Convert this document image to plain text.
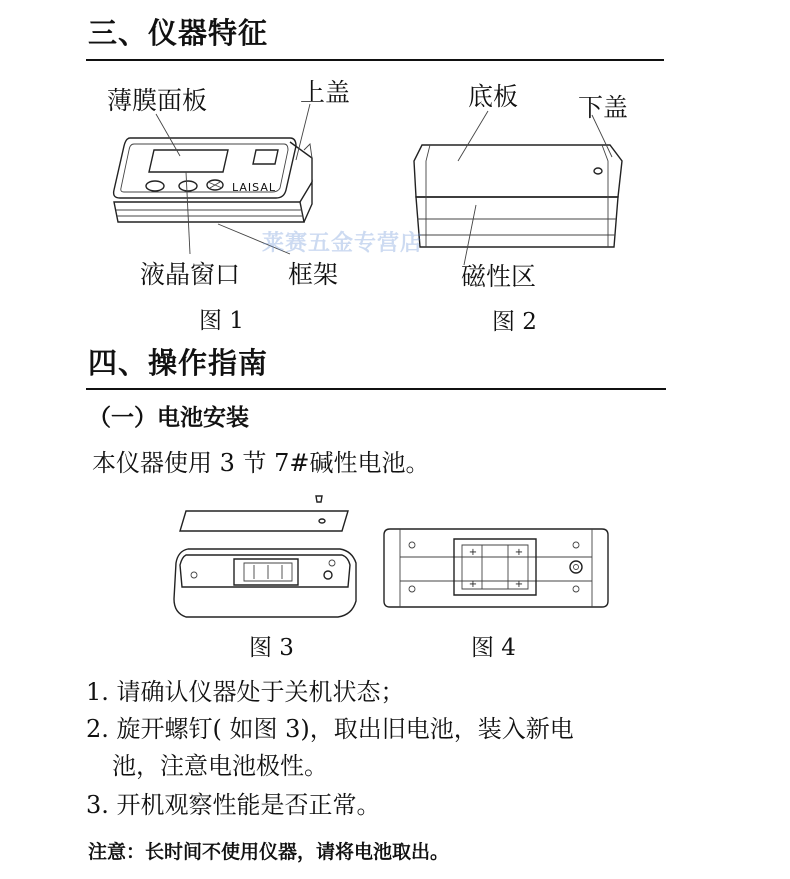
三、仪器特征
薄膜面板	上盖
液晶窗口 框架
图 1
LAISAL
底板 下盖
磁性区
图 2
莱赛五金专营店
四、操作指南
（一）电池安装
本仪器使用 3 节 7#碱性电池。
图 3
+	+
+	+
图 4
1. 请确认仪器处于关机状态；
2. 旋开螺钉( 如图 3)，取出旧电池，装入新电
池，注意电池极性。
3. 开机观察性能是否正常。
注意：长时间不使用仪器，请将电池取出。
